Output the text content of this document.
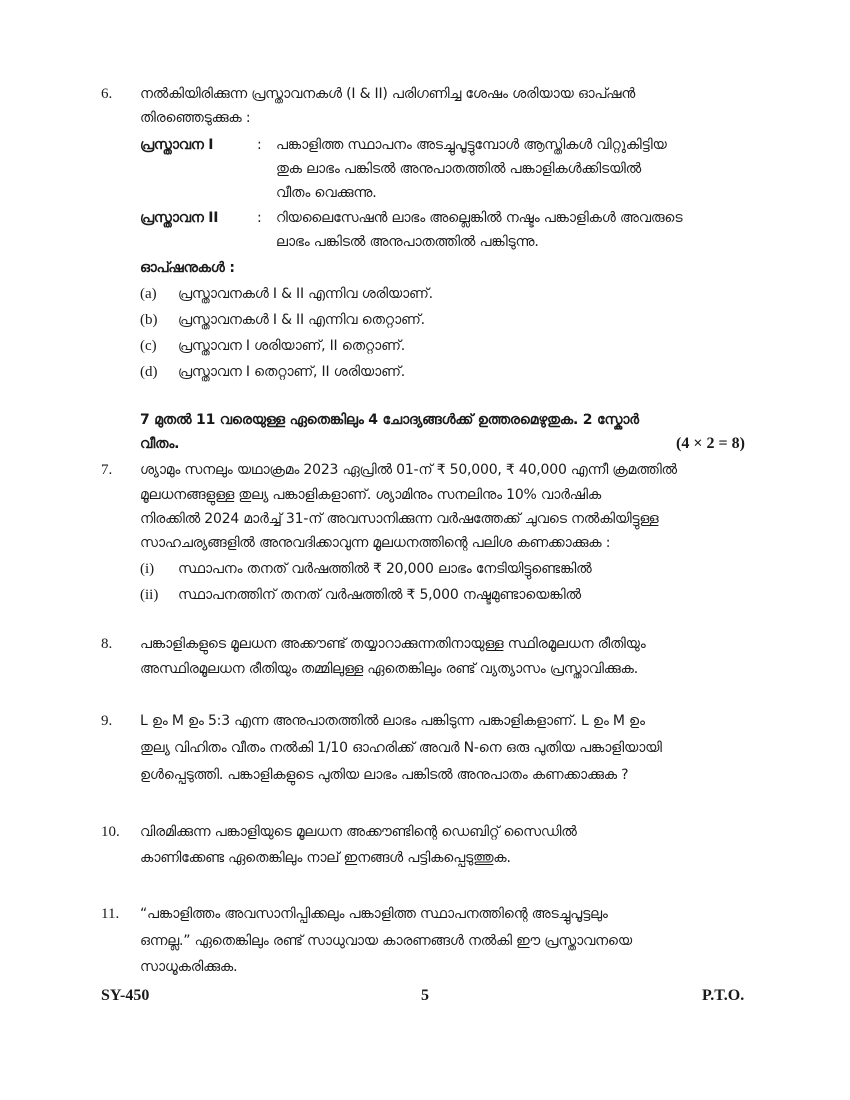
6. നൽകിയിരിക്കുന്ന പ്രസ്താവനകൾ (I & II) പരിഗണിച്ച ശേഷം ശരിയായ ഓപ്ഷൻ
തിരഞ്ഞെടുക്കുക :
പ്രസ്താവന I	: പങ്കാളിത്ത സ്ഥാപനം അടച്ചുപൂട്ടുമ്പോൾ ആസ്തികൾ വിറ്റുകിട്ടിയ
തുക ലാഭം പങ്കിടൽ അനുപാതത്തിൽ പങ്കാളികൾക്കിടയിൽ
വീതം വെക്കുന്നു.
പ്രസ്താവന II	: റിയലൈസേഷൻ ലാഭം അല്ലെങ്കിൽ നഷ്ടം പങ്കാളികൾ അവരുടെ
ലാഭം പങ്കിടൽ അനുപാതത്തിൽ പങ്കിടുന്നു.
ഓപ്ഷനുകൾ :
(a) പ്രസ്താവനകൾ I & II എന്നിവ ശരിയാണ്.
(b) പ്രസ്താവനകൾ I & II എന്നിവ തെറ്റാണ്.
(c) പ്രസ്താവന I ശരിയാണ്, II തെറ്റാണ്.
(d) പ്രസ്താവന I തെറ്റാണ്, II ശരിയാണ്.
7 മുതൽ 11 വരെയുള്ള ഏതെങ്കിലും 4 ചോദ്യങ്ങൾക്ക് ഉത്തരമെഴുതുക. 2 സ്കോർ
വീതം.	(4 × 2 = 8)
7. ശ്യാമും സനലും യഥാക്രമം 2023 ഏപ്രിൽ 01-ന് ₹ 50,000, ₹ 40,000 എന്നീ ക്രമത്തിൽ
മൂലധനങ്ങളുള്ള തുല്യ പങ്കാളികളാണ്. ശ്യാമിനും സനലിനും 10% വാർഷിക
നിരക്കിൽ 2024 മാർച്ച് 31-ന് അവസാനിക്കുന്ന വർഷത്തേക്ക് ചുവടെ നൽകിയിട്ടുള്ള
സാഹചര്യങ്ങളിൽ അനുവദിക്കാവുന്ന മൂലധനത്തിന്റെ പലിശ കണക്കാക്കുക :
(i) സ്ഥാപനം തനത് വർഷത്തിൽ ₹ 20,000 ലാഭം നേടിയിട്ടുണ്ടെങ്കിൽ
(ii) സ്ഥാപനത്തിന് തനത് വർഷത്തിൽ ₹ 5,000 നഷ്ടമുണ്ടായെങ്കിൽ
8. പങ്കാളികളുടെ മൂലധന അക്കൗണ്ട് തയ്യാറാക്കുന്നതിനായുള്ള സ്ഥിരമൂലധന രീതിയും
അസ്ഥിരമൂലധന രീതിയും തമ്മിലുള്ള ഏതെങ്കിലും രണ്ട് വ്യത്യാസം പ്രസ്താവിക്കുക.
9. L ഉം M ഉം 5:3 എന്ന അനുപാതത്തിൽ ലാഭം പങ്കിടുന്ന പങ്കാളികളാണ്. L ഉം M ഉം
തുല്യ വിഹിതം വീതം നൽകി 1/10 ഓഹരിക്ക് അവർ N-നെ ഒരു പുതിയ പങ്കാളിയായി
ഉൾപ്പെടുത്തി. പങ്കാളികളുടെ പുതിയ ലാഭം പങ്കിടൽ അനുപാതം കണക്കാക്കുക ?
10. വിരമിക്കുന്ന പങ്കാളിയുടെ മൂലധന അക്കൗണ്ടിന്റെ ഡെബിറ്റ് സൈഡിൽ
കാണിക്കേണ്ട ഏതെങ്കിലും നാല് ഇനങ്ങൾ പട്ടികപ്പെടുത്തുക.
11. “പങ്കാളിത്തം അവസാനിപ്പിക്കലും പങ്കാളിത്ത സ്ഥാപനത്തിന്റെ അടച്ചുപൂട്ടലും
ഒന്നല്ല.” ഏതെങ്കിലും രണ്ട് സാധുവായ കാരണങ്ങൾ നൽകി ഈ പ്രസ്താവനയെ
സാധൂകരിക്കുക.
SY-450	5	P.T.O.
